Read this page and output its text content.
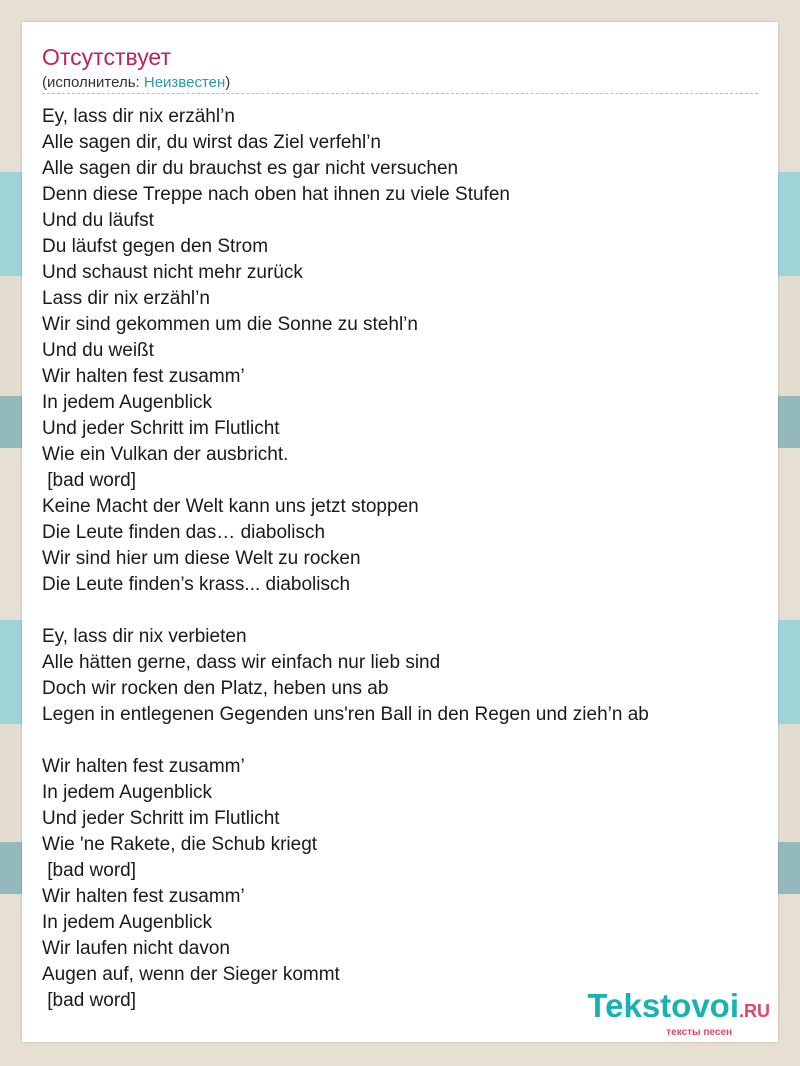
Отсутствует
(исполнитель: Неизвестен)
Ey, lass dir nix erzähl’n
Alle sagen dir, du wirst das Ziel verfehl’n
Alle sagen dir du brauchst es gar nicht versuchen
Denn diese Treppe nach oben hat ihnen zu viele Stufen
Und du läufst
Du läufst gegen den Strom
Und schaust nicht mehr zurück
Lass dir nix erzähl’n
Wir sind gekommen um die Sonne zu stehl’n
Und du weißt
Wir halten fest zusamm’
In jedem Augenblick
Und jeder Schritt im Flutlicht
Wie ein Vulkan der ausbricht.
[bad word]
Keine Macht der Welt kann uns jetzt stoppen
Die Leute finden das… diabolisch
Wir sind hier um diese Welt zu rocken
Die Leute finden’s krass... diabolisch
Ey, lass dir nix verbieten
Alle hätten gerne, dass wir einfach nur lieb sind
Doch wir rocken den Platz, heben uns ab
Legen in entlegenen Gegenden uns'ren Ball in den Regen und zieh’n ab
Wir halten fest zusamm’
In jedem Augenblick
Und jeder Schritt im Flutlicht
Wie 'ne Rakete, die Schub kriegt
[bad word]
Wir halten fest zusamm’
In jedem Augenblick
Wir laufen nicht davon
Augen auf, wenn der Sieger kommt
[bad word]	Tekstovoi.RU
тексты песен
